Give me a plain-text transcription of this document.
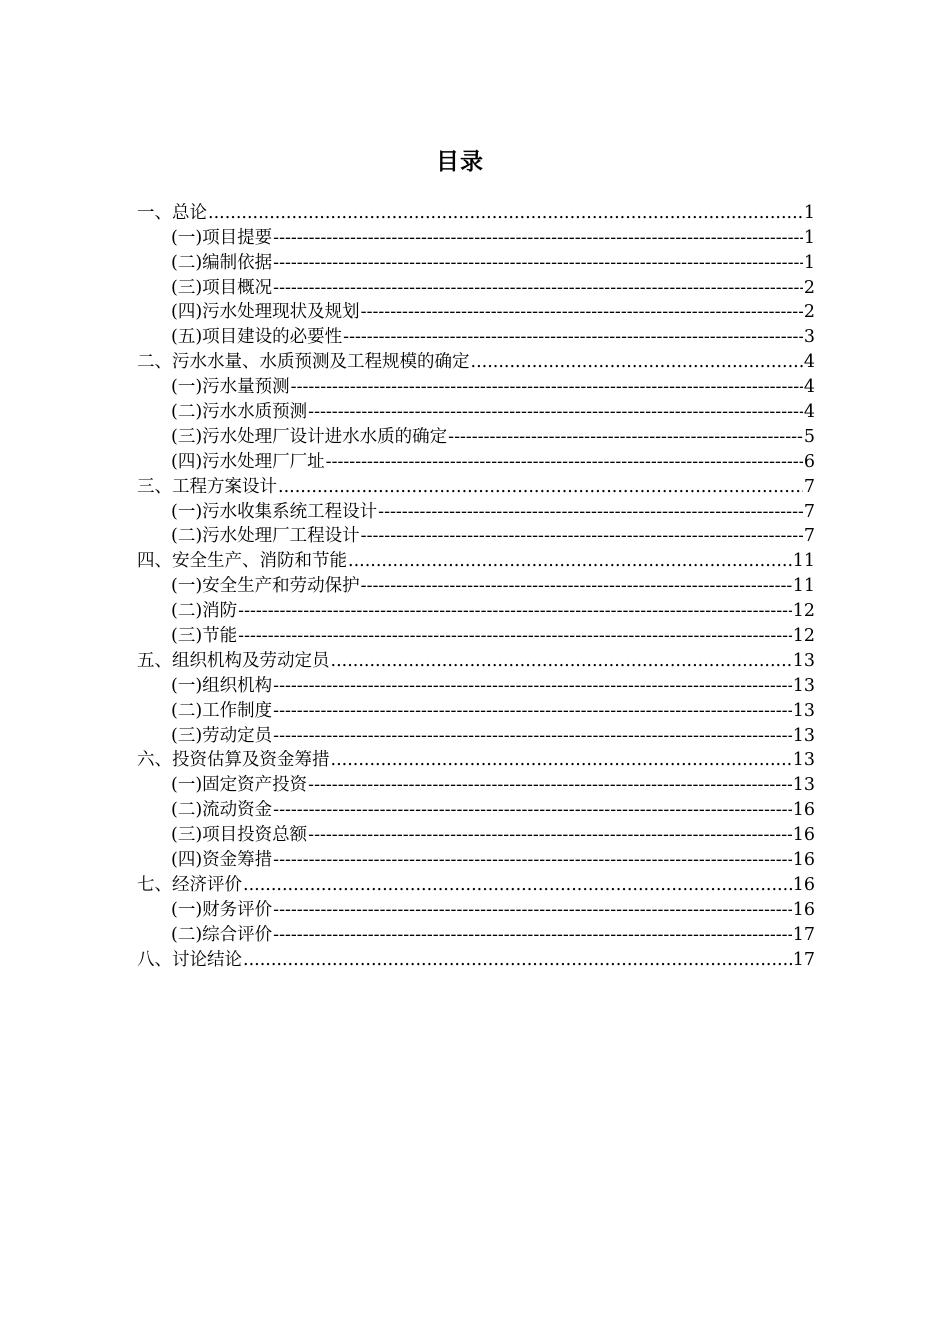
目录
一、总论 .....	1
(一)项目提要 -----	1
(二)编制依据 -----	1
(三)项目概况 -----	2
(四)污水处理现状及规划 -----	2
(五)项目建设的必要性 -----	3
二、污水水量、水质预测及工程规模的确定 .....	4
(一)污水量预测 -----	4
(二)污水水质预测 -----	4
(三)污水处理厂设计进水水质的确定 -----	5
(四)污水处理厂厂址 -----	6
三、工程方案设计 .....	7
(一)污水收集系统工程设计 -----	7
(二)污水处理厂工程设计 -----	7
四、安全生产、消防和节能 .....	11
(一)安全生产和劳动保护 -----	11
(二)消防 -----	12
(三)节能 -----	12
五、组织机构及劳动定员 .....	13
(一)组织机构 -----	13
(二)工作制度 -----	13
(三)劳动定员 -----	13
六、投资估算及资金筹措 .....	13
(一)固定资产投资 -----	13
(二)流动资金 -----	16
(三)项目投资总额 -----	16
(四)资金筹措 -----	16
七、经济评价 .....	16
(一)财务评价 -----	16
(二)综合评价 -----	17
八、讨论结论 .....	17
